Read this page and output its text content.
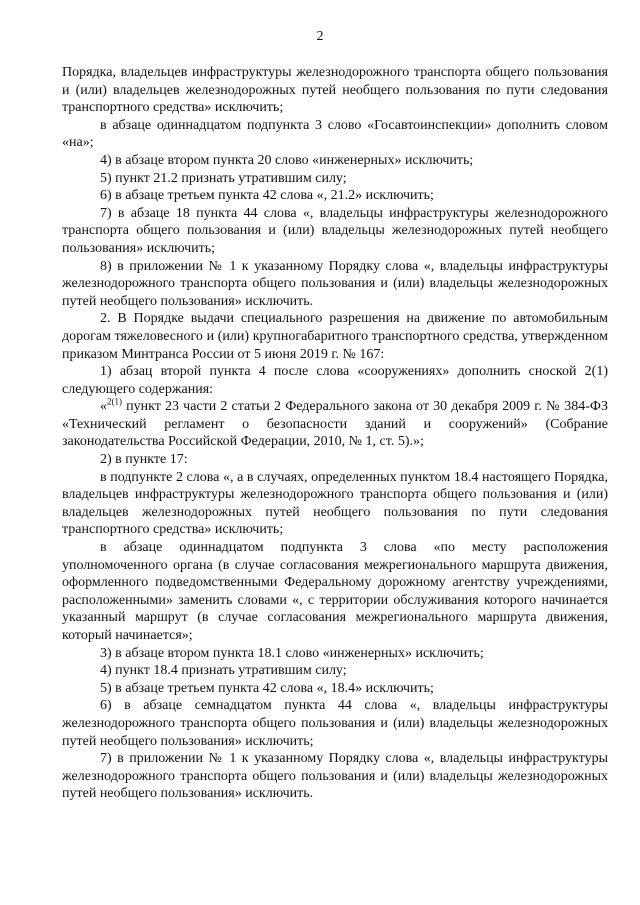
2

Порядка, владельцев инфраструктуры железнодорожного транспорта общего пользования и (или) владельцев железнодорожных путей необщего пользования по пути следования транспортного средства» исключить;

в абзаце одиннадцатом подпункта 3 слово «Госавтоинспекции» дополнить словом «на»;

4) в абзаце втором пункта 20 слово «инженерных» исключить;

5) пункт 21.2 признать утратившим силу;

6) в абзаце третьем пункта 42 слова «, 21.2» исключить;

7) в абзаце 18 пункта 44 слова «, владельцы инфраструктуры железнодорожного транспорта общего пользования и (или) владельцы железнодорожных путей необщего пользования» исключить;

8) в приложении № 1 к указанному Порядку слова «, владельцы инфраструктуры железнодорожного транспорта общего пользования и (или) владельцы железнодорожных путей необщего пользования» исключить.

2. В Порядке выдачи специального разрешения на движение по автомобильным дорогам тяжеловесного и (или) крупногабаритного транспортного средства, утвержденном приказом Минтранса России от 5 июня 2019 г. № 167:

1) абзац второй пункта 4 после слова «сооружениях» дополнить сноской 2(1) следующего содержания:

«$^{2(1)}$ пункт 23 части 2 статьи 2 Федерального закона от 30 декабря 2009 г. № 384-ФЗ «Технический регламент о безопасности зданий и сооружений» (Собрание законодательства Российской Федерации, 2010, № 1, ст. 5).»;

2) в пункте 17:

в подпункте 2 слова «, а в случаях, определенных пунктом 18.4 настоящего Порядка, владельцев инфраструктуры железнодорожного транспорта общего пользования и (или) владельцев железнодорожных путей необщего пользования по пути следования транспортного средства» исключить;

в абзаце одиннадцатом подпункта 3 слова «по месту расположения уполномоченного органа (в случае согласования межрегионального маршрута движения, оформленного подведомственными Федеральному дорожному агентству учреждениями, расположенными» заменить словами «, с территории обслуживания которого начинается указанный маршрут (в случае согласования межрегионального маршрута движения, который начинается»;

3) в абзаце втором пункта 18.1 слово «инженерных» исключить;

4) пункт 18.4 признать утратившим силу;

5) в абзаце третьем пункта 42 слова «, 18.4» исключить;

6) в абзаце семнадцатом пункта 44 слова «, владельцы инфраструктуры железнодорожного транспорта общего пользования и (или) владельцы железнодорожных путей необщего пользования» исключить;

7) в приложении № 1 к указанному Порядку слова «, владельцы инфраструктуры железнодорожного транспорта общего пользования и (или) владельцы железнодорожных путей необщего пользования» исключить.
